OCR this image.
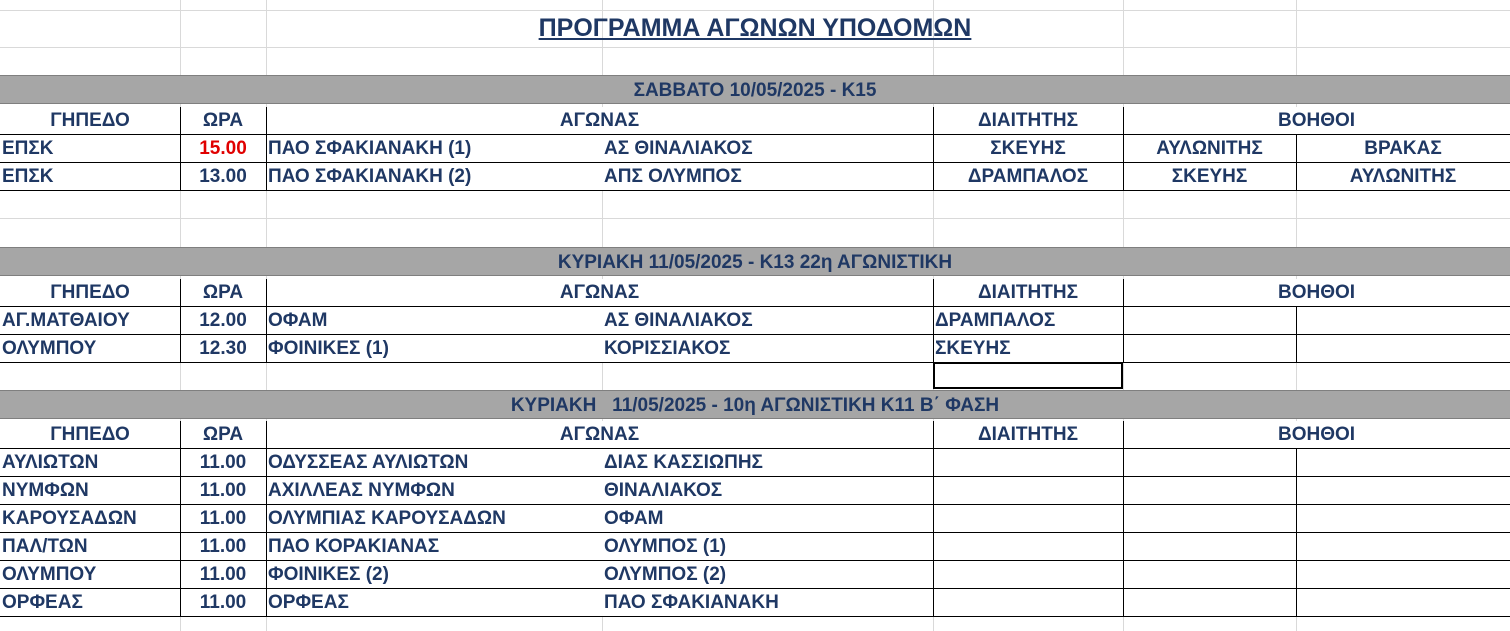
ΠΡΟΓΡΑΜΜΑ ΑΓΩΝΩΝ ΥΠΟΔΟΜΩΝ
ΣΑΒΒΑΤΟ 10/05/2025 - Κ15
ΓΗΠΕΔΟ	ΩΡΑ	ΑΓΩΝΑΣ	ΔΙΑΙΤΗΤΗΣ	ΒΟΗΘΟΙ
ΕΠΣΚ	15.00	ΠΑΟ ΣΦΑΚΙΑΝΑΚΗ (1)	ΑΣ ΘΙΝΑΛΙΑΚΟΣ	ΣΚΕΥΗΣ	ΑΥΛΩΝΙΤΗΣ	ΒΡΑΚΑΣ
ΕΠΣΚ	13.00	ΠΑΟ ΣΦΑΚΙΑΝΑΚΗ (2)	ΑΠΣ ΟΛΥΜΠΟΣ	ΔΡΑΜΠΑΛΟΣ	ΣΚΕΥΗΣ	ΑΥΛΩΝΙΤΗΣ
ΚΥΡΙΑΚΗ 11/05/2025 - Κ13 22η ΑΓΩΝΙΣΤΙΚΗ
ΓΗΠΕΔΟ	ΩΡΑ	ΑΓΩΝΑΣ	ΔΙΑΙΤΗΤΗΣ	ΒΟΗΘΟΙ
ΑΓ.ΜΑΤΘΑΙΟΥ	12.00	ΟΦΑΜ	ΑΣ ΘΙΝΑΛΙΑΚΟΣ	ΔΡΑΜΠΑΛΟΣ
ΟΛΥΜΠΟΥ	12.30	ΦΟΙΝΙΚΕΣ (1)	ΚΟΡΙΣΣΙΑΚΟΣ	ΣΚΕΥΗΣ
ΚΥΡΙΑΚΗ   11/05/2025 - 10η ΑΓΩΝΙΣΤΙΚΗ Κ11 Β΄ ΦΑΣΗ
ΓΗΠΕΔΟ	ΩΡΑ	ΑΓΩΝΑΣ	ΔΙΑΙΤΗΤΗΣ	ΒΟΗΘΟΙ
ΑΥΛΙΩΤΩΝ	11.00	ΟΔΥΣΣΕΑΣ ΑΥΛΙΩΤΩΝ	ΔΙΑΣ ΚΑΣΣΙΩΠΗΣ
ΝΥΜΦΩΝ	11.00	ΑΧΙΛΛΕΑΣ ΝΥΜΦΩΝ	ΘΙΝΑΛΙΑΚΟΣ
ΚΑΡΟΥΣΑΔΩΝ	11.00	ΟΛΥΜΠΙΑΣ ΚΑΡΟΥΣΑΔΩΝ	ΟΦΑΜ
ΠΑΛ/ΤΩΝ	11.00	ΠΑΟ ΚΟΡΑΚΙΑΝΑΣ	ΟΛΥΜΠΟΣ (1)
ΟΛΥΜΠΟΥ	11.00	ΦΟΙΝΙΚΕΣ (2)	ΟΛΥΜΠΟΣ (2)
ΟΡΦΕΑΣ	11.00	ΟΡΦΕΑΣ	ΠΑΟ ΣΦΑΚΙΑΝΑΚΗ
